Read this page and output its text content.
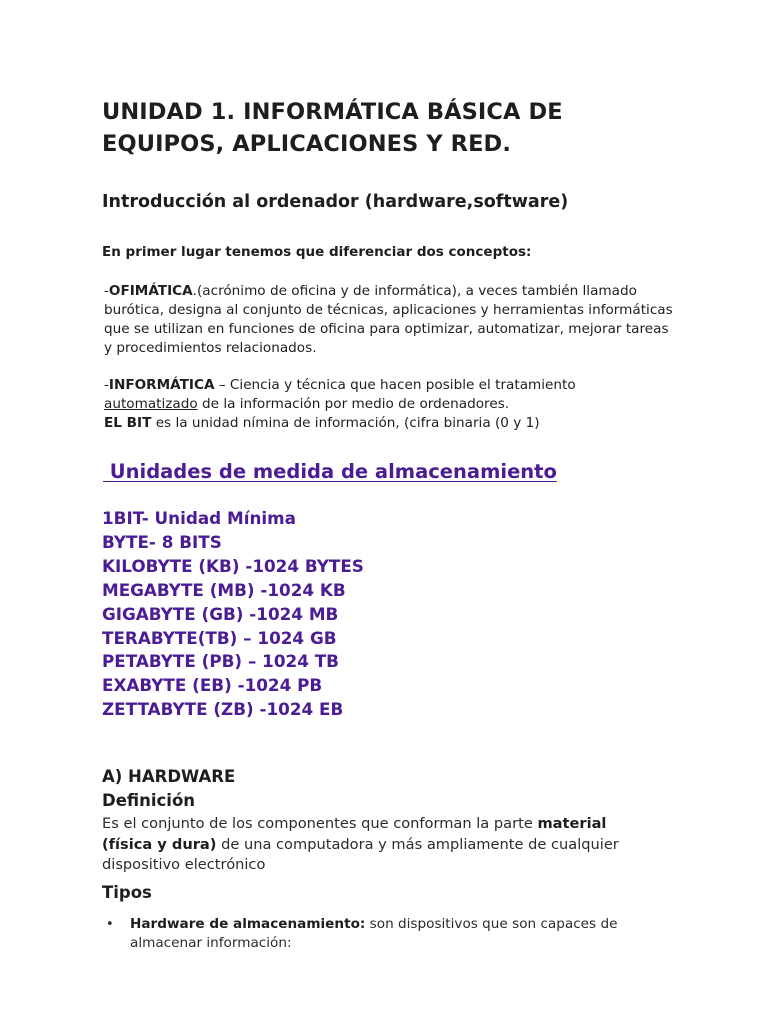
UNIDAD 1. INFORMÁTICA BÁSICA DE
EQUIPOS, APLICACIONES Y RED.
Introducción al ordenador (hardware,software)

En primer lugar tenemos que diferenciar dos conceptos:

-OFIMÁTICA.(acrónimo de oficina y de informática), a veces también llamado
burótica, designa al conjunto de técnicas, aplicaciones y herramientas informáticas
que se utilizan en funciones de oficina para optimizar, automatizar, mejorar tareas
y procedimientos relacionados.

-INFORMÁTICA – Ciencia y técnica que hacen posible el tratamiento
automatizado de la información por medio de ordenadores.
EL BIT es la unidad nímina de información, (cifra binaria (0 y 1)

Unidades de medida de almacenamiento
1BIT- Unidad Mínima
BYTE- 8 BITS
KILOBYTE (KB) -1024 BYTES
MEGABYTE (MB) -1024 KB
GIGABYTE (GB) -1024 MB
TERABYTE(TB) – 1024 GB
PETABYTE (PB) – 1024 TB
EXABYTE (EB) -1024 PB
ZETTABYTE (ZB) -1024 EB
A) HARDWARE
Definición

Es el conjunto de los componentes que conforman la parte material
(física y dura) de una computadora y más ampliamente de cualquier
dispositivo electrónico

Tipos
• Hardware de almacenamiento: son dispositivos que son capaces de
almacenar información:
